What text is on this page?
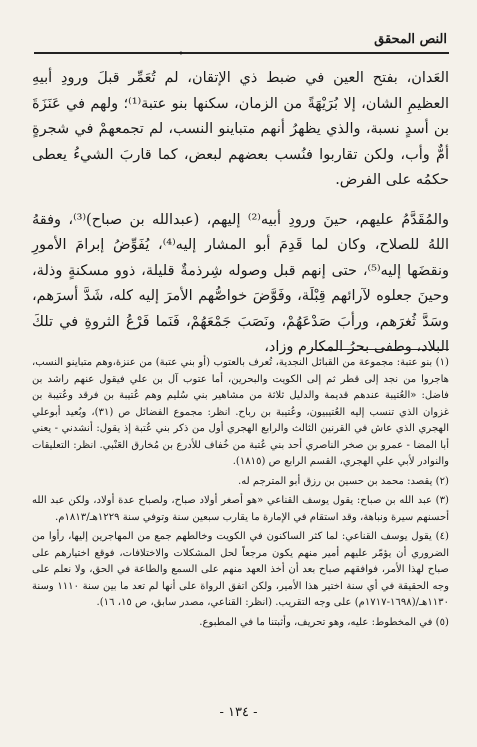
النص المحقق
•

العَدان، بفتح العين في ضبط ذي الإتقان، لم تُعَمِّر قبلَ ورودِ أبيهِ العظيمِ الشان، إلا بُرَيْهَةً من الزمان، سكنها بنو عتبة⁽¹⁾؛ ولهم في عَنَزَةَ بن أسدٍ نسبة، والذي يظهرُ أنهم متباينو النسب، لم تجمعهمْ في شجرةٍ أمٌّ وأب، ولكن تقاربوا فنُسب بعضهم لبعض، كما قاربَ الشيءُ يعطى حكمُه على الفرض.

والمُقَدَّمُ عليهم، حينَ ورودِ أبيه⁽²⁾ إليهم، (عبدالله بن صباح)⁽³⁾، وفقهُ اللهُ للصلاح، وكان لما قَدِمَ أبو المشار إليه⁽⁴⁾، يُفَوِّضُ إبرامَ الأمورِ ونقضَها إليه⁽⁵⁾، حتى إنهم قبل وصوله شِرذمةٌ قليلة، ذوو مسكنةٍ وذلة، وحينَ جعلوه لآرائهم قِبْلَة، وفَوَّضَ خواصُّهم الأمرَ إليه كله، شَدَّ أسرَهم، وسَدَّ ثُغرَهم، ورأبَ صَدْعَهُمْ، ونَصَبَ جَمْعَهُمْ، فَنَما فَرْعُ الثروةِ في تلكَ البلاد، وطفى بحرُ المكارم وزاد،

(١) بنو عتبة: مجموعة من القبائل النجدية، تُعرف بالعتوب (أو بني عتبة) من عنزة،وهم متباينو النسب، هاجروا من نجد إلى قطر ثم إلى الكويت والبحرين، أما عتوب آل بن علي فيقول عنهم راشد بن فاضل: «العُتيبة عندهم قديمة والدليل ثلاثة من مشاهير بني سُليم وهم عُتيبة بن فرقد وعُتيبة بن غزوان الذي تنسب إليه العُتيبيون، وعُتيبة بن رباح. انظر: مجموع الفضائل ص (٣١)، وبُعيد أبوعلي الهجري الذي عاش في القرنين الثالث والرابع الهجري أول من ذكر بني عُتبة إذ يقول: أنشدني - يعني أبا المضا - عمرو بن صخر الناصري أحد بني عُتبة من خُفاف للأدرع بن مُخارق العَنْبي. انظر: التعليقات والنوادر لأبي علي الهجري، القسم الرابع ص (١٨١٥).

(٢) يقصد: محمد بن حسين بن رزق أبو المترجم له.

(٣) عبد الله بن صباح: يقول يوسف القناعي «هو أصغر أولاد صباح، ولصباح عدة أولاد، ولكن عبد الله أحسنهم سيرة ونباهة، وقد استقام في الإمارة ما يقارب سبعين سنة وتوفي سنة ١٢٢٩هـ/١٨١٣م.

(٤) يقول يوسف القناعي: لما كثر الساكنون في الكويت وخالطهم جمع من المهاجرين إليها، رأوا من الضروري أن يؤمّر عليهم أمير منهم يكون مرجعاً لحل المشكلات والاختلافات، فوقع اختيارهم على صباح لهذا الأمر، فوافقهم صباح بعد أن أخذ العهد منهم على السمع والطاعة في الحق، ولا نعلم على وجه الحقيقة في أي سنة اختير هذا الأمير، ولكن اتفق الرواة على أنها لم تعد ما بين سنة ١١١٠ وسنة ١١٣٠هـ/(١٦٩٨-١٧١٧م) على وجه التقريب. (انظر: القناعي، مصدر سابق، ص ١٥، ١٦).

(٥) في المخطوط: عليه، وهو تحريف، وأثبتنا ما في المطبوع.

- ١٣٤ -
